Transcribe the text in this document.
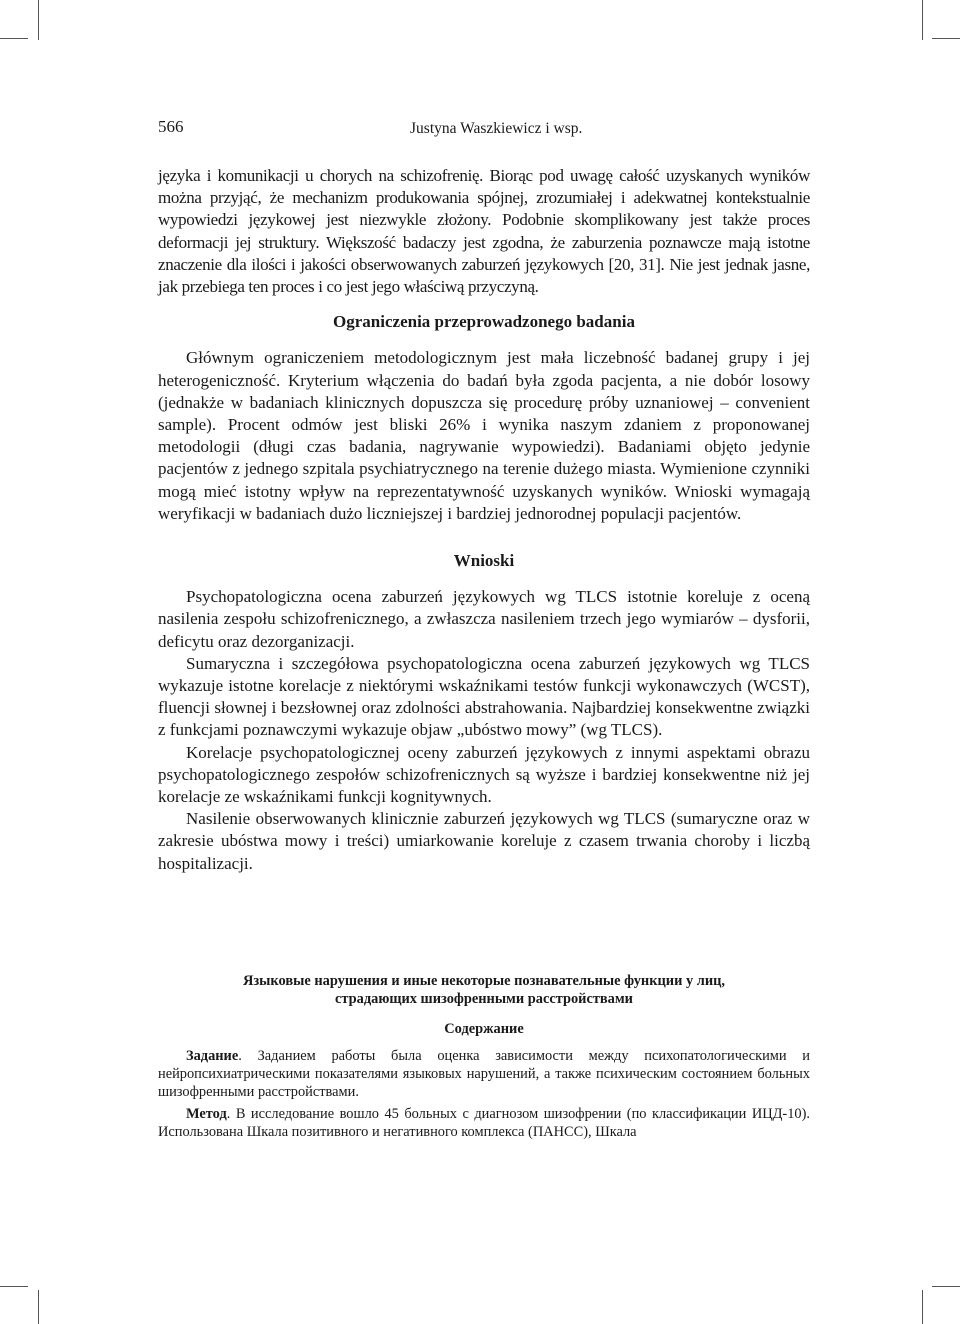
566	Justyna Waszkiewicz i wsp.

języka i komunikacji u chorych na schizofrenię. Biorąc pod uwagę całość uzyskanych wyników można przyjąć, że mechanizm produkowania spójnej, zrozumiałej i adekwatnej kontekstualnie wypowiedzi językowej jest niezwykle złożony. Podobnie skomplikowany jest także proces deformacji jej struktury. Większość badaczy jest zgodna, że zaburzenia poznawcze mają istotne znaczenie dla ilości i jakości obserwowanych zaburzeń językowych [20, 31]. Nie jest jednak jasne, jak przebiega ten proces i co jest jego właściwą przyczyną.

Ograniczenia przeprowadzonego badania

Głównym ograniczeniem metodologicznym jest mała liczebność badanej grupy i jej heterogeniczność. Kryterium włączenia do badań była zgoda pacjenta, a nie dobór losowy (jednakże w badaniach klinicznych dopuszcza się procedurę próby uznaniowej – convenient sample). Procent odmów jest bliski 26% i wynika naszym zdaniem z proponowanej metodologii (długi czas badania, nagrywanie wypowiedzi). Badaniami objęto jedynie pacjentów z jednego szpitala psychiatrycznego na terenie dużego miasta. Wymienione czynniki mogą mieć istotny wpływ na reprezentatywność uzyskanych wyników. Wnioski wymagają weryfikacji w badaniach dużo liczniejszej i bardziej jednorodnej populacji pacjentów.

Wnioski

Psychopatologiczna ocena zaburzeń językowych wg TLCS istotnie koreluje z oceną nasilenia zespołu schizofrenicznego, a zwłaszcza nasileniem trzech jego wymiarów – dysforii, deficytu oraz dezorganizacji.

Sumaryczna i szczegółowa psychopatologiczna ocena zaburzeń językowych wg TLCS wykazuje istotne korelacje z niektórymi wskaźnikami testów funkcji wykonawczych (WCST), fluencji słownej i bezsłownej oraz zdolności abstrahowania. Najbardziej konsekwentne związki z funkcjami poznawczymi wykazuje objaw „ubóstwo mowy” (wg TLCS).

Korelacje psychopatologicznej oceny zaburzeń językowych z innymi aspektami obrazu psychopatologicznego zespołów schizofrenicznych są wyższe i bardziej konsekwentne niż jej korelacje ze wskaźnikami funkcji kognitywnych.

Nasilenie obserwowanych klinicznie zaburzeń językowych wg TLCS (sumaryczne oraz w zakresie ubóstwa mowy i treści) umiarkowanie koreluje z czasem trwania choroby i liczbą hospitalizacji.

Языковые нарушения и иные некоторые познавательные функции у лиц,
страдающих шизофренными расстройствами

Содержание

Задание. Заданием работы была оценка зависимости между психопатологическими и нейропсихиатрическими показателями языковых нарушений, а также психическим состоянием больных шизофренными расстройствами.

Метод. В исследование вошло 45 больных с диагнозом шизофрении (по классификации ИЦД-10). Использована Шкала позитивного и негативного комплекса (ПАНСС), Шкала
